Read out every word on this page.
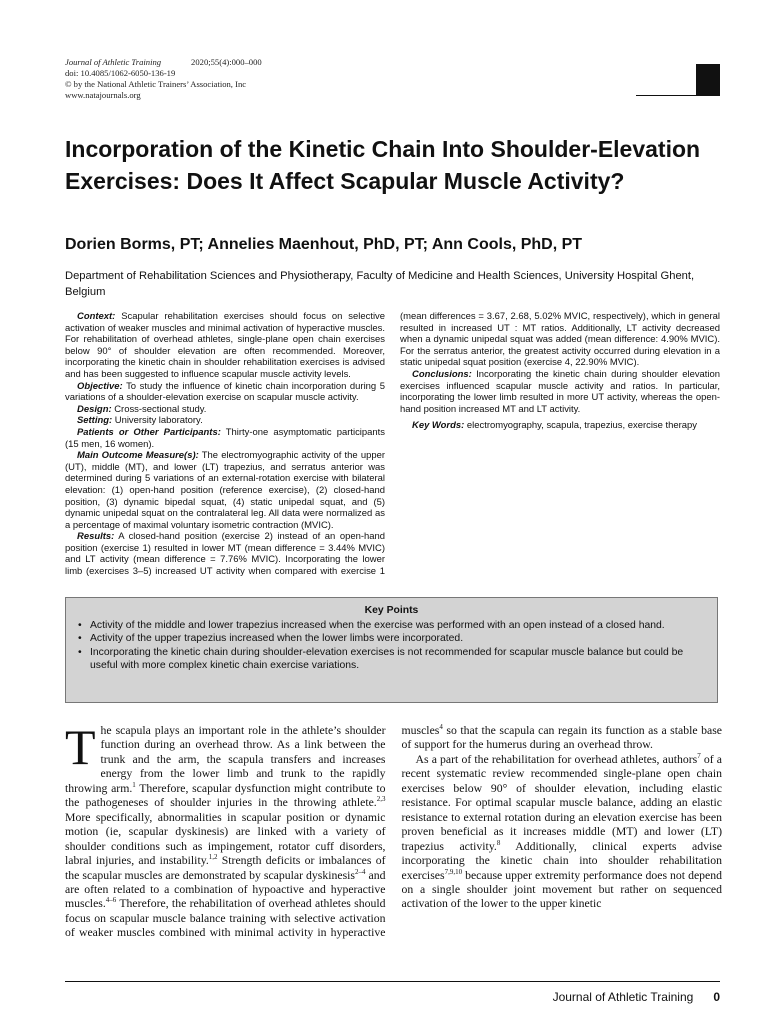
Journal of Athletic Training	2020;55(4):000–000
doi: 10.4085/1062-6050-136-19
© by the National Athletic Trainers’ Association, Inc
www.natajournals.org
Incorporation of the Kinetic Chain Into Shoulder-Elevation Exercises: Does It Affect Scapular Muscle Activity?
Dorien Borms, PT; Annelies Maenhout, PhD, PT; Ann Cools, PhD, PT
Department of Rehabilitation Sciences and Physiotherapy, Faculty of Medicine and Health Sciences, University Hospital Ghent, Belgium

Context: Scapular rehabilitation exercises should focus on selective activation of weaker muscles and minimal activation of hyperactive muscles. For rehabilitation of overhead athletes, single-plane open chain exercises below 90° of shoulder elevation are often recommended. Moreover, incorporating the kinetic chain in shoulder rehabilitation exercises is advised and has been suggested to influence scapular muscle activity levels.

Objective: To study the influence of kinetic chain incorporation during 5 variations of a shoulder-elevation exercise on scapular muscle activity.

Design: Cross-sectional study.

Setting: University laboratory.

Patients or Other Participants: Thirty-one asymptomatic participants (15 men, 16 women).

Main Outcome Measure(s): The electromyographic activity of the upper (UT), middle (MT), and lower (LT) trapezius, and serratus anterior was determined during 5 variations of an external-rotation exercise with bilateral elevation: (1) open-hand position (reference exercise), (2) closed-hand position, (3) dynamic bipedal squat, (4) static unipedal squat, and (5) dynamic unipedal squat on the contralateral leg. All data were normalized as a percentage of maximal voluntary isometric contraction (MVIC).

Results: A closed-hand position (exercise 2) instead of an open-hand position (exercise 1) resulted in lower MT (mean difference = 3.44% MVIC) and LT activity (mean difference = 7.76% MVIC). Incorporating the lower limb (exercises 3–5) increased UT activity when compared with exercise 1 (mean differences = 3.67, 2.68, 5.02% MVIC, respectively), which in general resulted in increased UT : MT ratios. Additionally, LT activity decreased when a dynamic unipedal squat was added (mean difference: 4.90% MVIC). For the serratus anterior, the greatest activity occurred during elevation in a static unipedal squat position (exercise 4, 22.90% MVIC).

Conclusions: Incorporating the kinetic chain during shoulder elevation exercises influenced scapular muscle activity and ratios. In particular, incorporating the lower limb resulted in more UT activity, whereas the open-hand position increased MT and LT activity.

Key Words: electromyography, scapula, trapezius, exercise therapy

Key Points
• Activity of the middle and lower trapezius increased when the exercise was performed with an open instead of a closed hand.
• Activity of the upper trapezius increased when the lower limbs were incorporated.
• Incorporating the kinetic chain during shoulder-elevation exercises is not recommended for scapular muscle balance but could be useful with more complex kinetic chain exercise variations.

The scapula plays an important role in the athlete’s shoulder function during an overhead throw. As a link between the trunk and the arm, the scapula transfers and increases energy from the lower limb and trunk to the rapidly throwing arm.$^1$ Therefore, scapular dysfunction might contribute to the pathogeneses of shoulder injuries in the throwing athlete.$^{2,3}$ More specifically, abnormalities in scapular position or dynamic motion (ie, scapular dyskinesis) are linked with a variety of shoulder conditions such as impingement, rotator cuff disorders, labral injuries, and instability.$^{1,2}$ Strength deficits or imbalances of the scapular muscles are demonstrated by scapular dyskinesis$^{2-4}$ and are often related to a combination of hypoactive and hyperactive muscles.$^{4-6}$ Therefore, the rehabilitation of overhead athletes should focus on scapular muscle balance training with selective activation of weaker muscles combined with minimal activity in hyperactive muscles$^4$ so that the scapula can regain its function as a stable base of support for the humerus during an overhead throw.

As a part of the rehabilitation for overhead athletes, authors$^7$ of a recent systematic review recommended single-plane open chain exercises below 90° of shoulder elevation, including elastic resistance. For optimal scapular muscle balance, adding an elastic resistance to external rotation during an elevation exercise has been proven beneficial as it increases middle (MT) and lower (LT) trapezius activity.$^8$ Additionally, clinical experts advise incorporating the kinetic chain into shoulder rehabilitation exercises$^{7,9,10}$ because upper extremity performance does not depend on a single shoulder joint movement but rather on sequenced activation of the lower to the upper kinetic

Journal of Athletic Training 0
